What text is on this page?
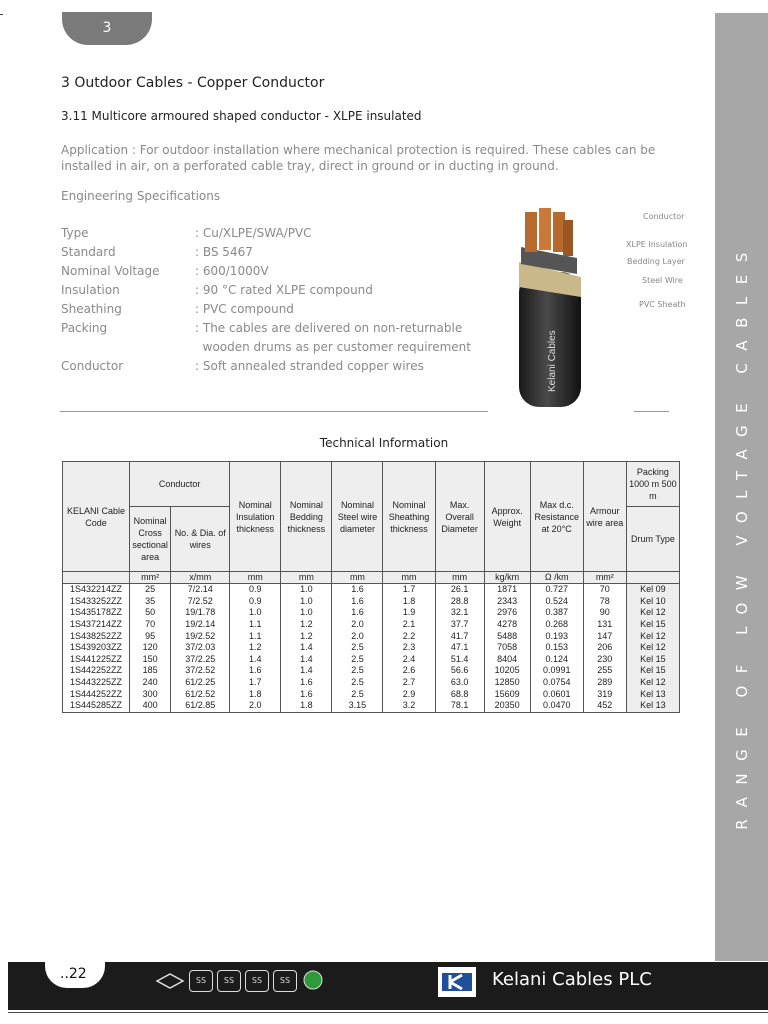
3
RANGE OF LOW VOLTAGE CABLES
3 Outdoor Cables - Copper Conductor
3.11 Multicore armoured shaped conductor - XLPE insulated
Application : For outdoor installation where mechanical protection is required. These cables can be installed in air, on a perforated cable tray, direct in ground or in ducting in ground.
Engineering Specifications
Type	: Cu/XLPE/SWA/PVC
Standard	: BS 5467
Nominal Voltage	: 600/1000V
Insulation	: 90 °C rated XLPE compound
Sheathing	: PVC compound
Packing	: The cables are delivered on non-returnable
wooden drums as per customer requirement
Conductor	: Soft annealed stranded copper wires	Kelani Cables
Conductor
XLPE Insulation
Bedding Layer
Steel Wire
PVC Sheath
Technical Information
KELANI Cable Code	Conductor		Nominal Insulation thickness	Nominal Bedding thickness	Nominal Steel wire diameter	Nominal Sheathing thickness	Max. Overall Diameter	Approx. Weight	Max d.c. Resistance at 20°C	Armour wire area	Packing 1000 m 500 m
	Nominal Cross sectional area	No. & Dia. of wires									Drum Type
	mm²	x/mm	mm	mm	mm	mm	mm	kg/km	Ω /km	mm²	
1S432214ZZ	25	7/2.14	0.9	1.0	1.6	1.7	26.1	1871	0.727	70	Kel 09
1S433252ZZ	35	7/2.52	0.9	1.0	1.6	1.8	28.8	2343	0.524	78	Kel 10
1S435178ZZ	50	19/1.78	1.0	1.0	1.6	1.9	32.1	2976	0.387	90	Kel 12
1S437214ZZ	70	19/2.14	1.1	1.2	2.0	2.1	37.7	4278	0.268	131	Kel 15
1S438252ZZ	95	19/2.52	1.1	1.2	2.0	2.2	41.7	5488	0.193	147	Kel 12
1S439203ZZ	120	37/2.03	1.2	1.4	2.5	2.3	47.1	7058	0.153	206	Kel 12
1S441225ZZ	150	37/2.25	1.4	1.4	2.5	2.4	51.4	8404	0.124	230	Kel 15
1S442252ZZ	185	37/2.52	1.6	1.4	2.5	2.6	56.6	10205	0.0991	255	Kel 15
1S443225ZZ	240	61/2.25	1.7	1.6	2.5	2.7	63.0	12850	0.0754	289	Kel 12
1S444252ZZ	300	61/2.52	1.8	1.6	2.5	2.9	68.8	15609	0.0601	319	Kel 13
1S445285ZZ	400	61/2.85	2.0	1.8	3.15	3.2	78.1	20350	0.0470	452	Kel 13
..22	SS	SS	SS	SS	Kelani Cables PLC
